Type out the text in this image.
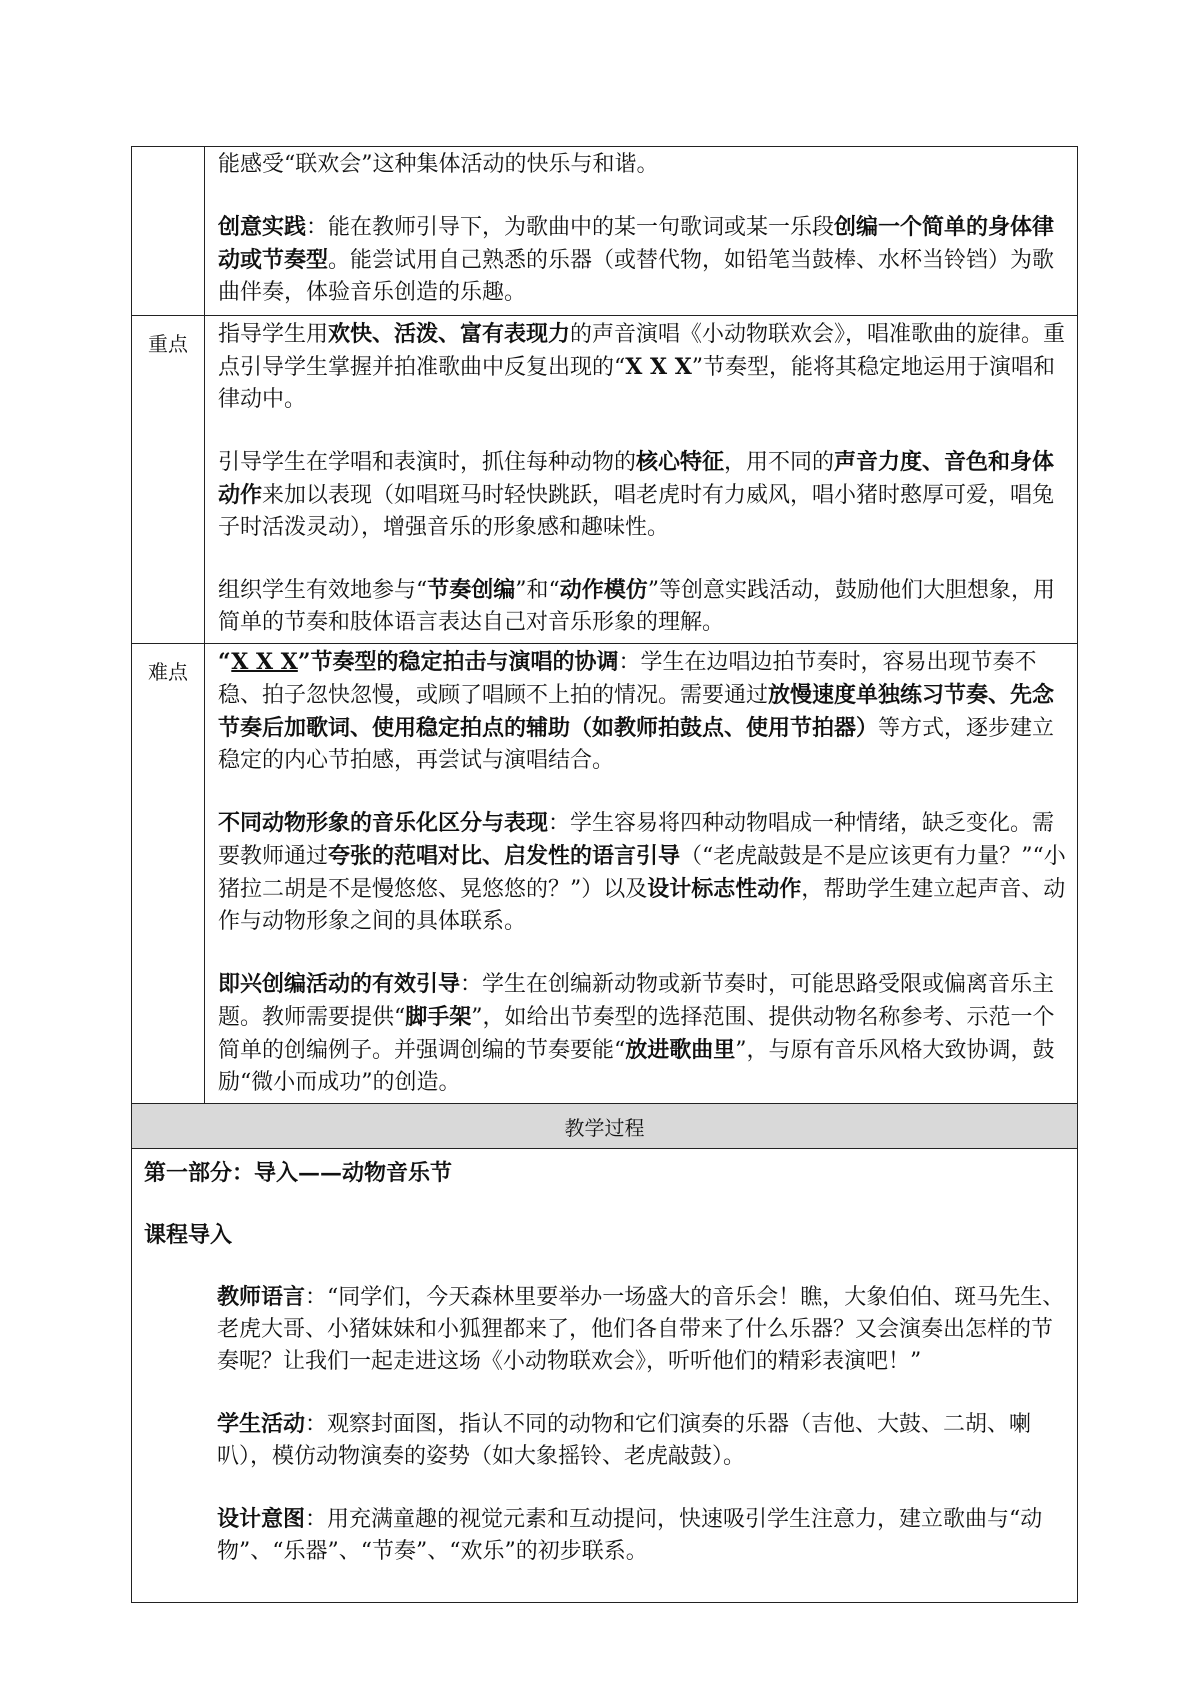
	能感受“联欢会”这种集体活动的快乐与和谐。

创意实践：能在教师引导下，为歌曲中的某一句歌词或某一乐段创编一个简单的身体律动或节奏型。能尝试用自己熟悉的乐器（或替代物，如铅笔当鼓棒、水杯当铃铛）为歌曲伴奏，体验音乐创造的乐趣。

重点	指导学生用欢快、活泼、富有表现力的声音演唱《小动物联欢会》，唱准歌曲的旋律。重点引导学生掌握并拍准歌曲中反复出现的“X X X”节奏型，能将其稳定地运用于演唱和律动中。

引导学生在学唱和表演时，抓住每种动物的核心特征，用不同的声音力度、音色和身体动作来加以表现（如唱斑马时轻快跳跃，唱老虎时有力威风，唱小猪时憨厚可爱，唱兔子时活泼灵动），增强音乐的形象感和趣味性。

组织学生有效地参与“节奏创编”和“动作模仿”等创意实践活动，鼓励他们大胆想象，用简单的节奏和肢体语言表达自己对音乐形象的理解。

难点	“X X X”节奏型的稳定拍击与演唱的协调：学生在边唱边拍节奏时，容易出现节奏不稳、拍子忽快忽慢，或顾了唱顾不上拍的情况。需要通过放慢速度单独练习节奏、先念节奏后加歌词、使用稳定拍点的辅助（如教师拍鼓点、使用节拍器）等方式，逐步建立稳定的内心节拍感，再尝试与演唱结合。

不同动物形象的音乐化区分与表现：学生容易将四种动物唱成一种情绪，缺乏变化。需要教师通过夸张的范唱对比、启发性的语言引导（“老虎敲鼓是不是应该更有力量？”“小猪拉二胡是不是慢悠悠、晃悠悠的？”）以及设计标志性动作，帮助学生建立起声音、动作与动物形象之间的具体联系。

即兴创编活动的有效引导：学生在创编新动物或新节奏时，可能思路受限或偏离音乐主题。教师需要提供“脚手架”，如给出节奏型的选择范围、提供动物名称参考、示范一个简单的创编例子。并强调创编的节奏要能“放进歌曲里”，与原有音乐风格大致协调，鼓励“微小而成功”的创造。

教学过程	

第一部分：导入——动物音乐节

课程导入

教师语言：“同学们，今天森林里要举办一场盛大的音乐会！瞧，大象伯伯、斑马先生、老虎大哥、小猪妹妹和小狐狸都来了，他们各自带来了什么乐器？又会演奏出怎样的节奏呢？让我们一起走进这场《小动物联欢会》，听听他们的精彩表演吧！”

学生活动：观察封面图，指认不同的动物和它们演奏的乐器（吉他、大鼓、二胡、喇叭），模仿动物演奏的姿势（如大象摇铃、老虎敲鼓）。

设计意图：用充满童趣的视觉元素和互动提问，快速吸引学生注意力，建立歌曲与“动物”、“乐器”、“节奏”、“欢乐”的初步联系。	
